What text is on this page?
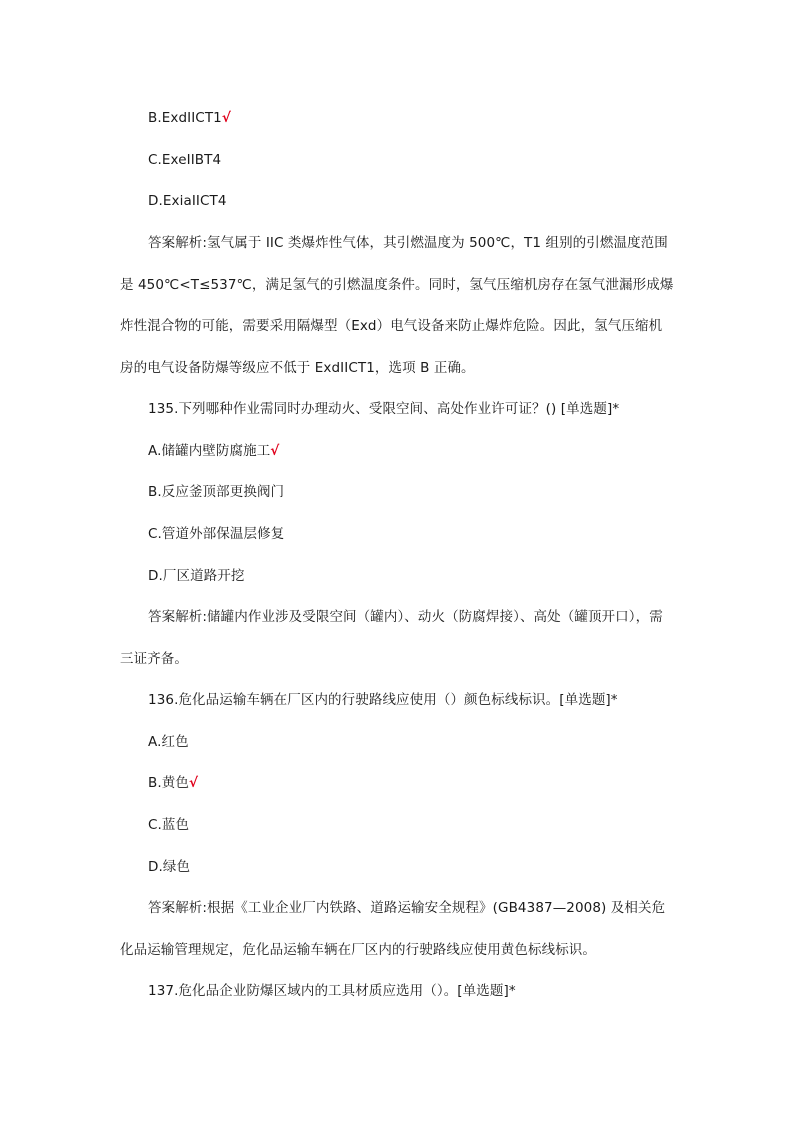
B.ExdIICT1√
C.ExeIIBT4
D.ExiaIICT4
答案解析:氢气属于 IIC 类爆炸性气体，其引燃温度为 500℃，T1 组别的引燃温度范围
是 450℃<T≤537℃，满足氢气的引燃温度条件。同时，氢气压缩机房存在氢气泄漏形成爆
炸性混合物的可能，需要采用隔爆型（Exd）电气设备来防止爆炸危险。因此，氢气压缩机
房的电气设备防爆等级应不低于 ExdIICT1，选项 B 正确。
135.下列哪种作业需同时办理动火、受限空间、高处作业许可证？() [单选题]*
A.储罐内壁防腐施工√
B.反应釜顶部更换阀门
C.管道外部保温层修复
D.厂区道路开挖
答案解析:储罐内作业涉及受限空间（罐内）、动火（防腐焊接）、高处（罐顶开口），需
三证齐备。
136.危化品运输车辆在厂区内的行驶路线应使用（）颜色标线标识。[单选题]*
A.红色
B.黄色√
C.蓝色
D.绿色
答案解析:根据《工业企业厂内铁路、道路运输安全规程》(GB4387—2008) 及相关危
化品运输管理规定，危化品运输车辆在厂区内的行驶路线应使用黄色标线标识。
137.危化品企业防爆区域内的工具材质应选用（）。[单选题]*
